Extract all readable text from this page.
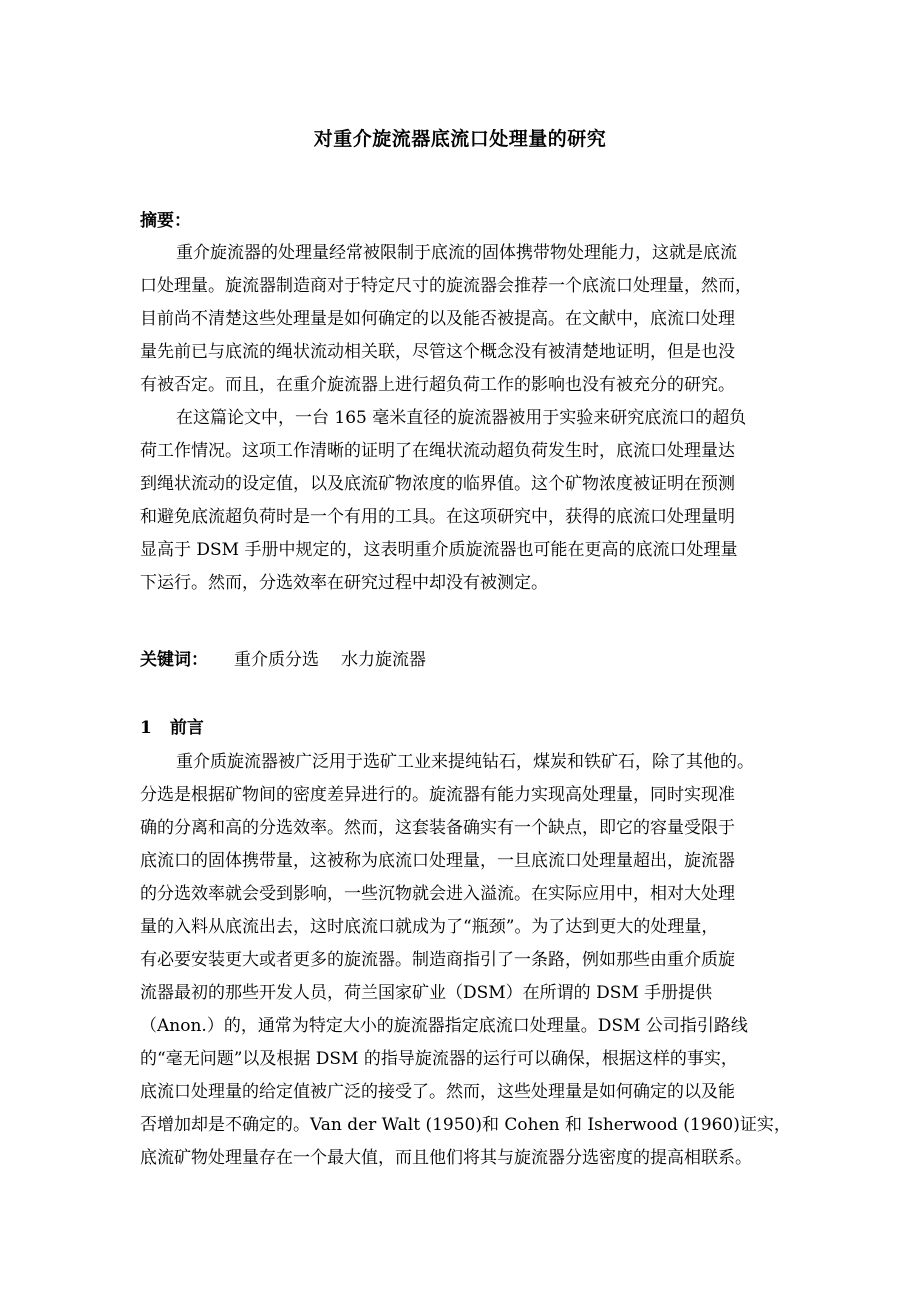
对重介旋流器底流口处理量的研究
摘要：
重介旋流器的处理量经常被限制于底流的固体携带物处理能力，这就是底流
口处理量。旋流器制造商对于特定尺寸的旋流器会推荐一个底流口处理量，然而，
目前尚不清楚这些处理量是如何确定的以及能否被提高。在文献中，底流口处理
量先前已与底流的绳状流动相关联，尽管这个概念没有被清楚地证明，但是也没
有被否定。而且，在重介旋流器上进行超负荷工作的影响也没有被充分的研究。
在这篇论文中，一台 165 毫米直径的旋流器被用于实验来研究底流口的超负
荷工作情况。这项工作清晰的证明了在绳状流动超负荷发生时，底流口处理量达
到绳状流动的设定值，以及底流矿物浓度的临界值。这个矿物浓度被证明在预测
和避免底流超负荷时是一个有用的工具。在这项研究中，获得的底流口处理量明
显高于 DSM 手册中规定的，这表明重介质旋流器也可能在更高的底流口处理量
下运行。然而，分选效率在研究过程中却没有被测定。
关键词： 重介质分选 水力旋流器
1 前言
重介质旋流器被广泛用于选矿工业来提纯钻石，煤炭和铁矿石，除了其他的。
分选是根据矿物间的密度差异进行的。旋流器有能力实现高处理量，同时实现准
确的分离和高的分选效率。然而，这套装备确实有一个缺点，即它的容量受限于
底流口的固体携带量，这被称为底流口处理量，一旦底流口处理量超出，旋流器
的分选效率就会受到影响，一些沉物就会进入溢流。在实际应用中，相对大处理
量的入料从底流出去，这时底流口就成为了“瓶颈”。为了达到更大的处理量，
有必要安装更大或者更多的旋流器。制造商指引了一条路，例如那些由重介质旋
流器最初的那些开发人员，荷兰国家矿业（DSM）在所谓的 DSM 手册提供
（Anon.）的，通常为特定大小的旋流器指定底流口处理量。DSM 公司指引路线
的“毫无问题”以及根据 DSM 的指导旋流器的运行可以确保，根据这样的事实，
底流口处理量的给定值被广泛的接受了。然而，这些处理量是如何确定的以及能
否增加却是不确定的。Van der Walt (1950)和 Cohen 和 Isherwood (1960)证实，
底流矿物处理量存在一个最大值，而且他们将其与旋流器分选密度的提高相联系。
